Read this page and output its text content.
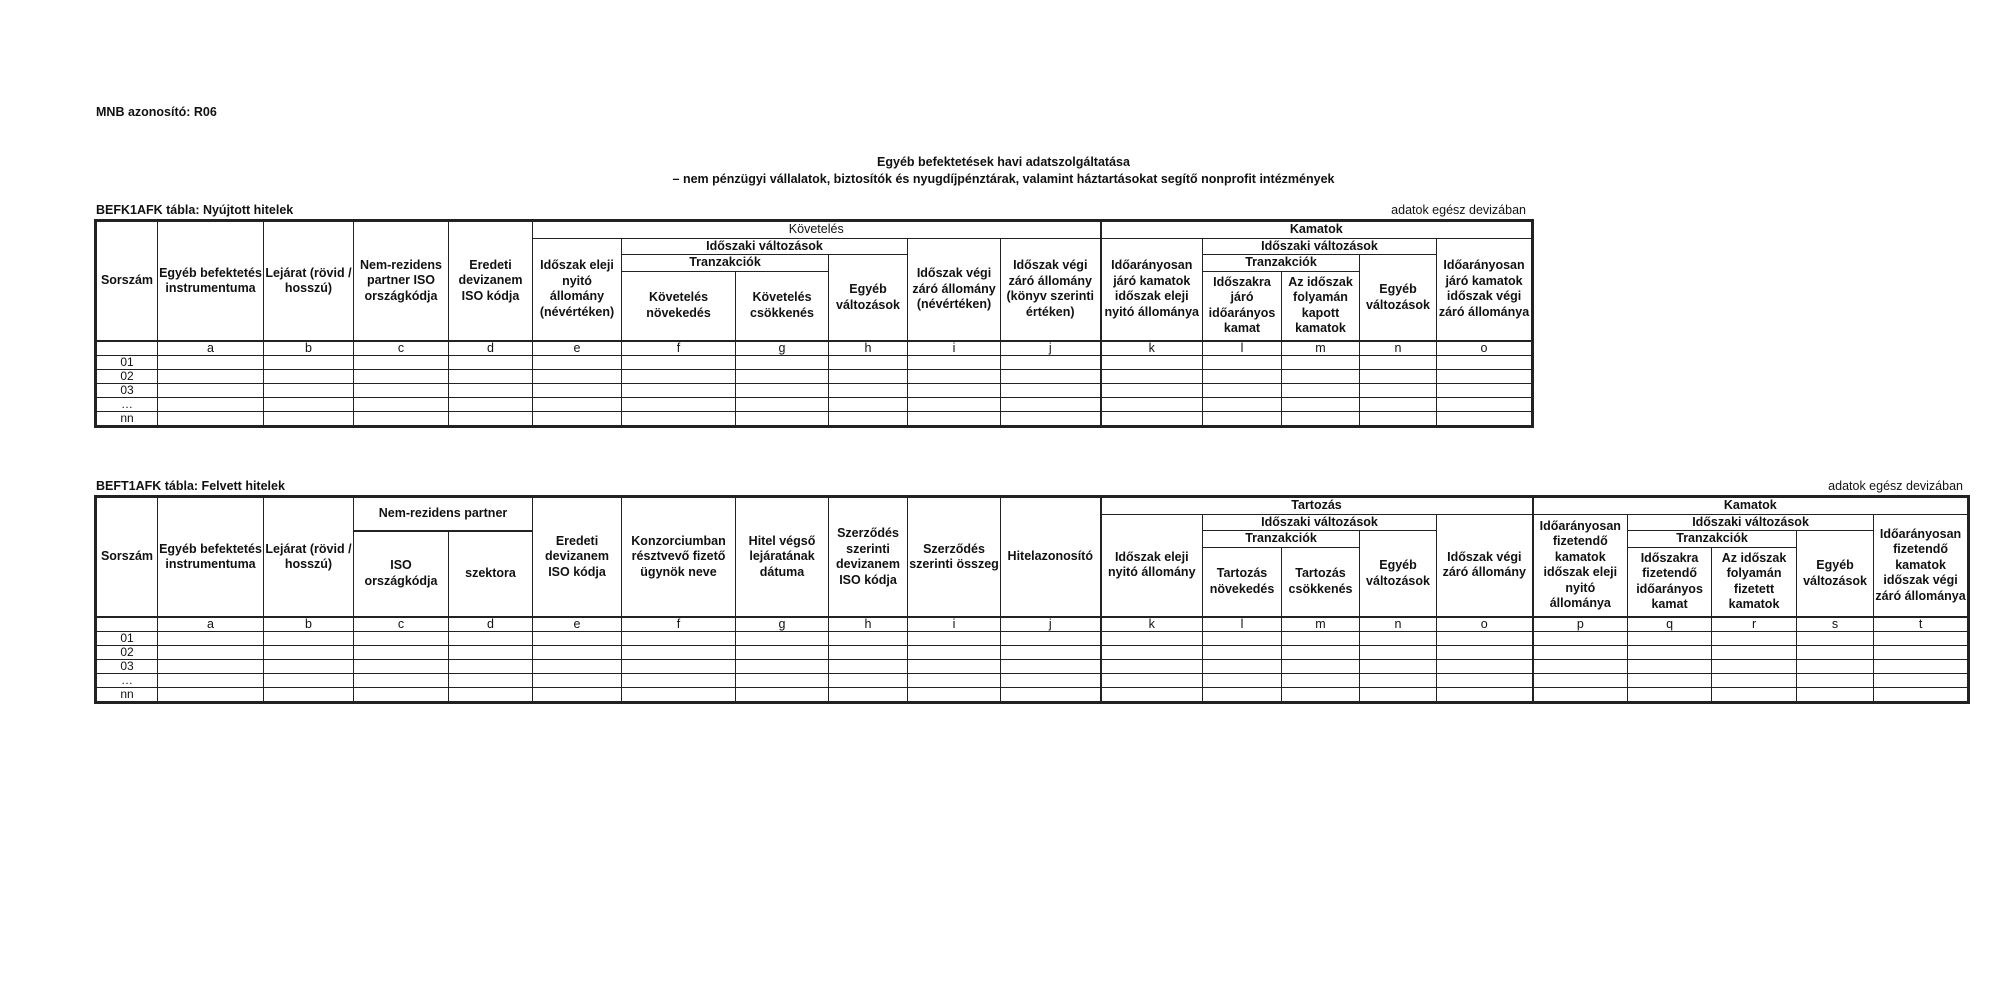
MNB azonosító: R06
Egyéb befektetések havi adatszolgáltatása
– nem pénzügyi vállalatok, biztosítók és nyugdíjpénztárak, valamint háztartásokat segítő nonprofit intézmények
BEFK1AFK tábla: Nyújtott hitelek	adatok egész devizában
Sorszám	Egyéb befektetés instrumentuma	Lejárat (rövid / hosszú)	Nem-rezidens partner ISO országkódja	Eredeti devizanem ISO kódja	Követelés						Kamatok				
					Időszak eleji nyitó állomány (névértéken)	Időszaki változások			Időszak végi záró állomány (névértéken)	Időszak végi záró állomány (könyv szerinti értéken)	Időarányosan járó kamatok időszak eleji nyitó állománya	Időszaki változások			Időarányosan járó kamatok időszak végi záró állománya
						Tranzakciók		Egyéb változások				Tranzakciók		Egyéb változások	
						Követelés növekedés	Követelés csökkenés					Időszakra járó időarányos kamat	Az időszak folyamán kapott kamatok		
	a	b	c	d	e	f	g	h	i	j	k	l	m	n	o
01															
02															
03															
…															
nn															
BEFT1AFK tábla: Felvett hitelek	adatok egész devizában
Sorszám	Egyéb befektetés instrumentuma	Lejárat (rövid / hosszú)	Nem-rezidens partner		Eredeti devizanem ISO kódja	Konzorciumban résztvevő fizető ügynök neve	Hitel végső lejáratának dátuma	Szerződés szerinti devizanem ISO kódja	Szerződés szerinti összeg	Hitelazonosító	Tartozás					Kamatok				
											Időszak eleji nyitó állomány	Időszaki változások			Időszak végi záró állomány	Időarányosan fizetendő kamatok időszak eleji nyitó állománya	Időszaki változások			Időarányosan fizetendő kamatok időszak végi záró állománya
			ISO országkódja	szektora								Tranzakciók		Egyéb változások			Tranzakciók		Egyéb változások	
												Tartozás növekedés	Tartozás csökkenés				Időszakra fizetendő időarányos kamat	Az időszak folyamán fizetett kamatok		
	a	b	c	d	e	f	g	h	i	j	k	l	m	n	o	p	q	r	s	t
01																				
02																				
03																				
…																				
nn																				
